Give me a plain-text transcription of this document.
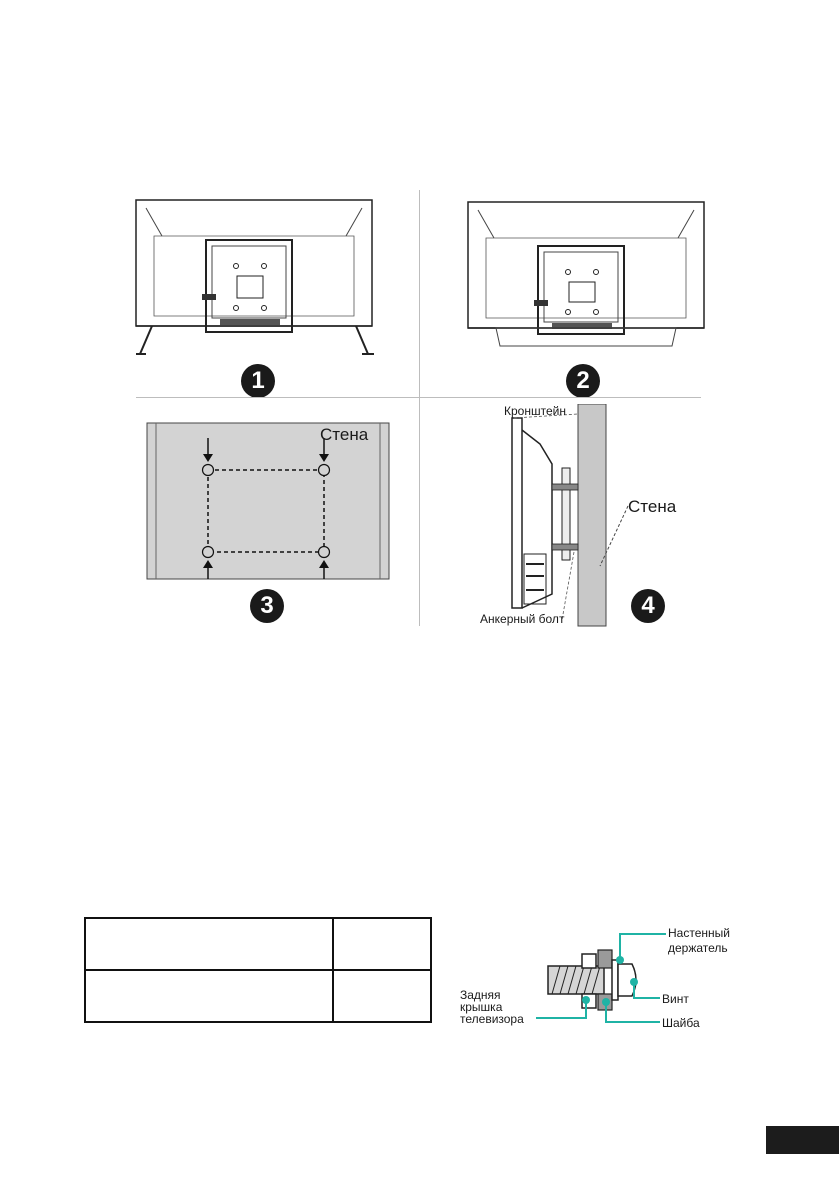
1	2
Стена
3
Кронштейн
Стена
Анкерный болт	4

Настенный держатель
Винт
Шайба
Задняя крышка телевизора
